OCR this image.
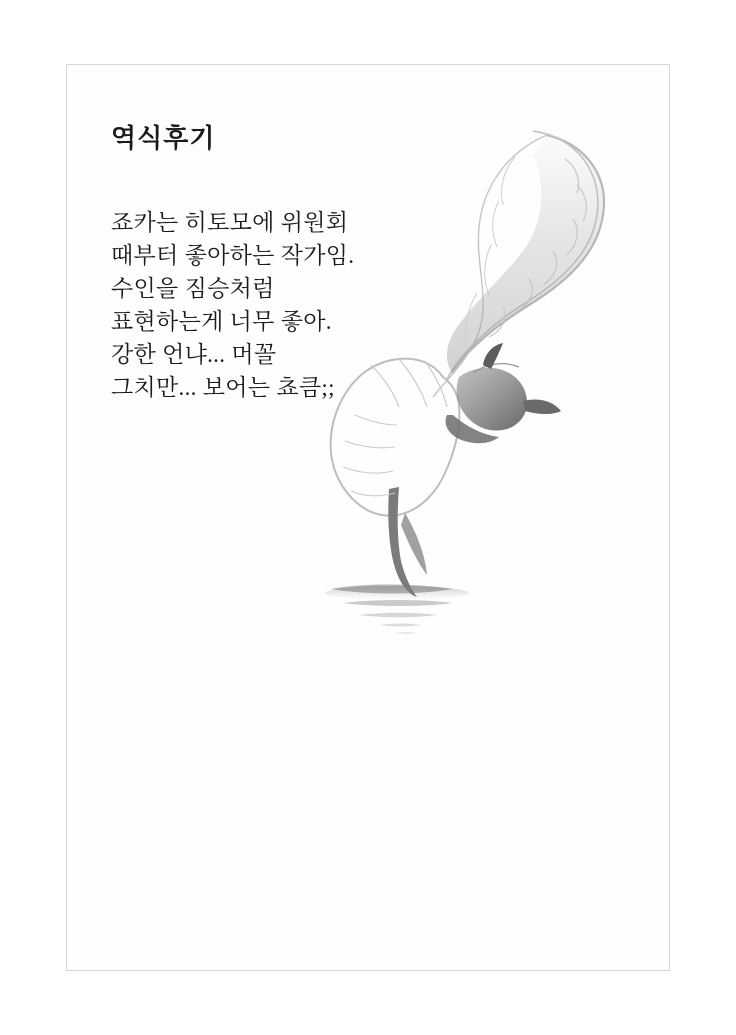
역식후기
죠카는 히토모에 위원회
때부터 좋아하는 작가임.
수인을 짐승처럼
표현하는게 너무 좋아.
강한 언냐... 머꼴
그치만... 보어는 쵸큼;;
